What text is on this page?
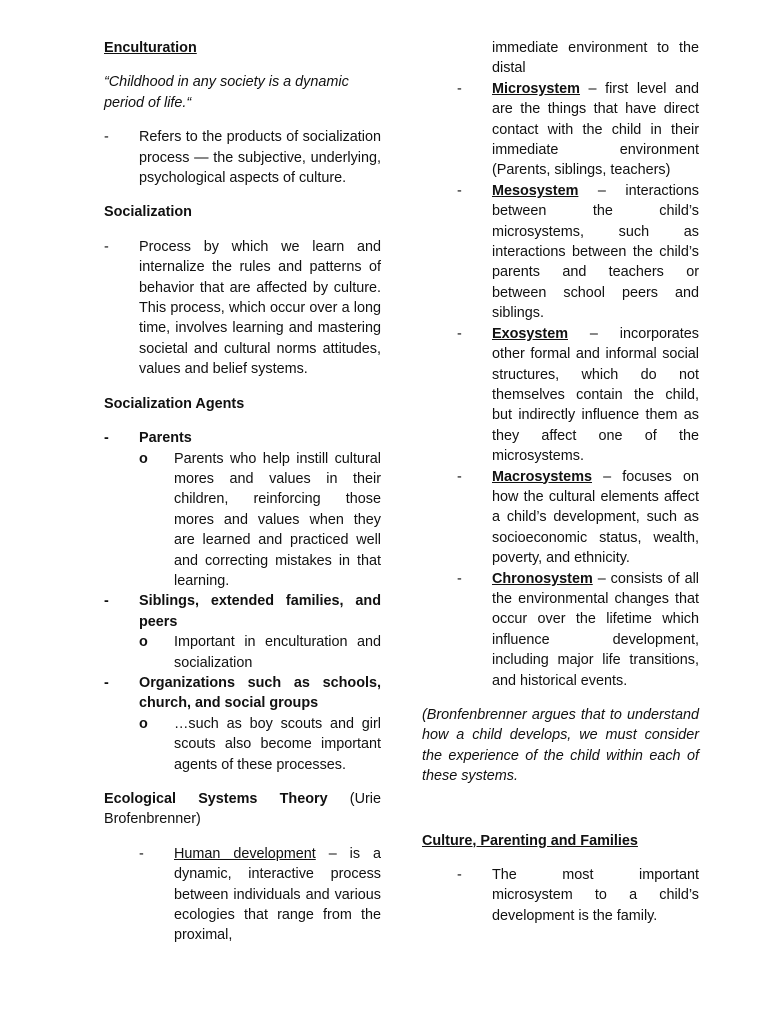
Enculturation
“Childhood in any society is a dynamic period of life.“
- Refers to the products of socialization process — the subjective, underlying, psychological aspects of culture.
Socialization
- Process by which we learn and internalize the rules and patterns of behavior that are affected by culture. This process, which occur over a long time, involves learning and mastering societal and cultural norms attitudes, values and belief systems.
Socialization Agents
- Parents
o Parents who help instill cultural mores and values in their children, reinforcing those mores and values when they are learned and practiced well and correcting mistakes in that learning.
- Siblings, extended families, and peers
o Important in enculturation and socialization
- Organizations such as schools, church, and social groups
o …such as boy scouts and girl scouts also become important agents of these processes.
Ecological Systems Theory (Urie Brofenbrenner)
- Human development – is a dynamic, interactive process between individuals and various ecologies that range from the proximal,
immediate environment to the distal
- Microsystem – first level and are the things that have direct contact with the child in their immediate environment (Parents, siblings, teachers)
- Mesosystem – interactions between the child’s microsystems, such as interactions between the child’s parents and teachers or between school peers and siblings.
- Exosystem – incorporates other formal and informal social structures, which do not themselves contain the child, but indirectly influence them as they affect one of the microsystems.
- Macrosystems – focuses on how the cultural elements affect a child’s development, such as socioeconomic status, wealth, poverty, and ethnicity.
- Chronosystem – consists of all the environmental changes that occur over the lifetime which influence development, including major life transitions, and historical events.
(Bronfenbrenner argues that to understand how a child develops, we must consider the experience of the child within each of these systems.
Culture, Parenting and Families
- The most important microsystem to a child’s development is the family.
